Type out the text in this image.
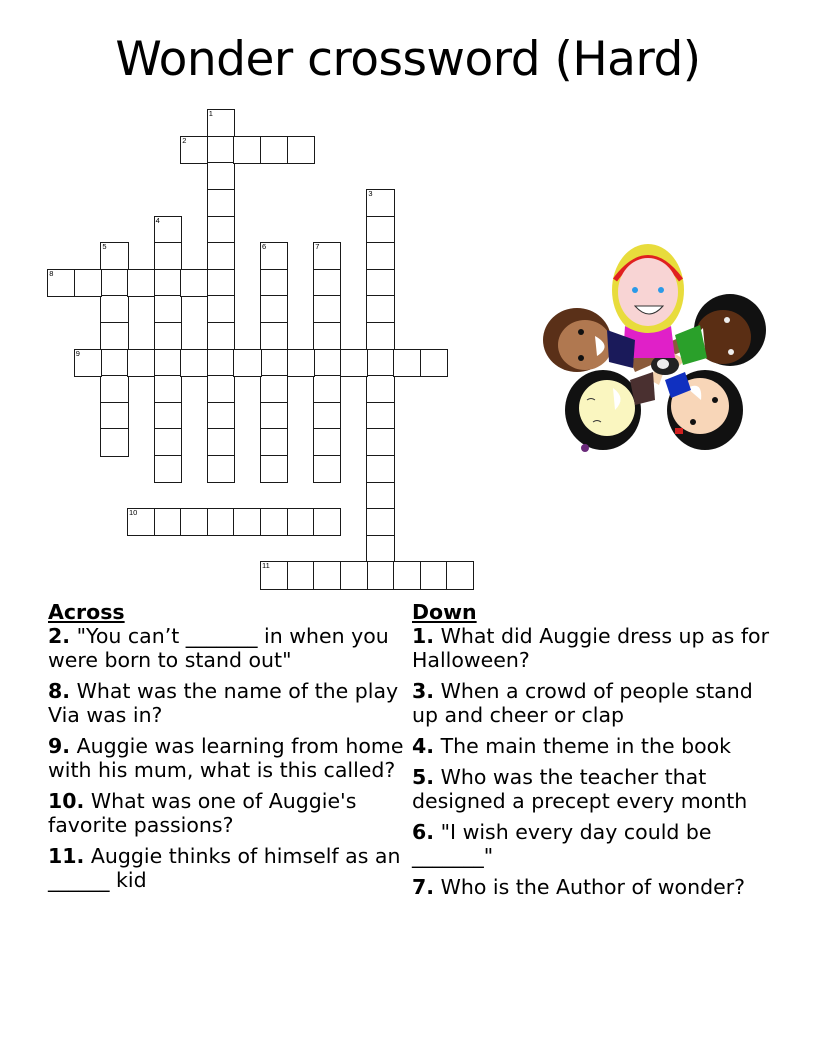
Wonder crossword (Hard)
1
2
3
4
5	6	7
8
9
10
11
Across
2. "You can’t _______ in when you were born to stand out"
8. What was the name of the play Via was in?
9. Auggie was learning from home with his mum, what is this called?
10. What was one of Auggie's favorite passions?
11. Auggie thinks of himself as an ______ kid
Down
1. What did Auggie dress up as for Halloween?
3. When a crowd of people stand up and cheer or clap
4. The main theme in the book
5. Who was the teacher that designed a precept every month
6. "I wish every day could be _______"
7. Who is the Author of wonder?
